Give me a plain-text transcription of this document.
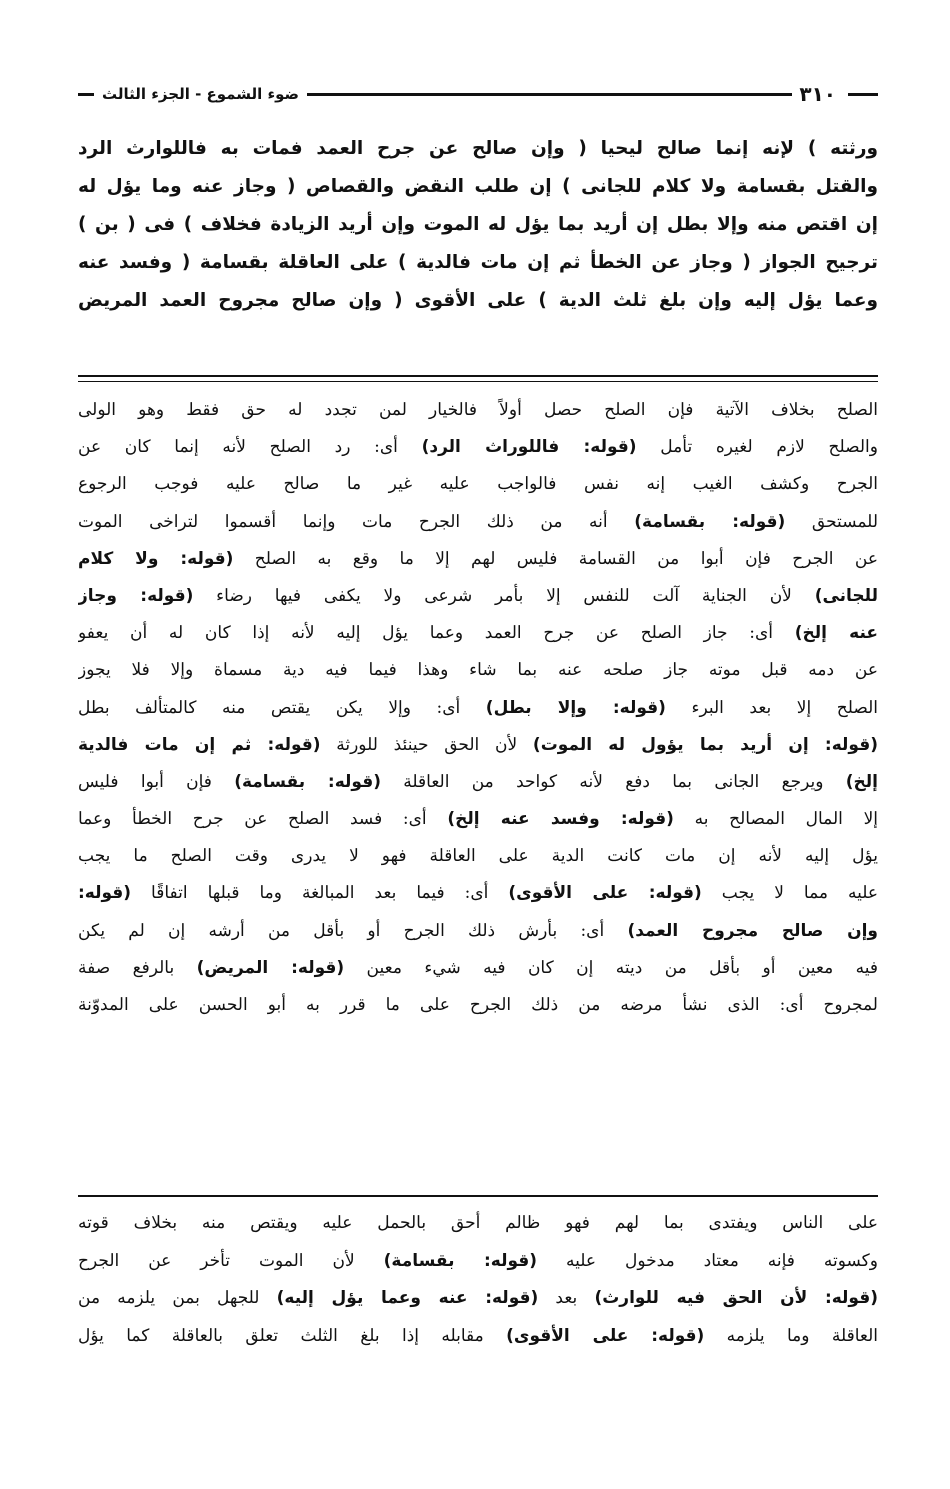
٣١٠
ضوء الشموع - الجزء الثالث

ورثته ) لإنه إنما صالح ليحيا ( وإن صالح عن جرح العمد فمات به فاللوارث الرد

والقتل بقسامة ولا كلام للجانى ) إن طلب النقض والقصاص ( وجاز عنه وما يؤل له

إن اقتص منه وإلا بطل إن أريد بما يؤل له الموت وإن أريد الزيادة فخلاف ) فى ( بن )

ترجيح الجواز ( وجاز عن الخطأ ثم إن مات فالدية ) على العاقلة بقسامة ( وفسد عنه

وعما يؤل إليه وإن بلغ ثلث الدية ) على الأقوى ( وإن صالح مجروح العمد المريض

الصلح بخلاف الآتية فإن الصلح حصل أولاً فالخيار لمن تجدد له حق فقط وهو الولى

والصلح لازم لغيره تأمل (قوله: فاللوراث الرد) أى: رد الصلح لأنه إنما كان عن

الجرح وكشف الغيب إنه نفس فالواجب عليه غير ما صالح عليه فوجب الرجوع

للمستحق (قوله: بقسامة) أنه من ذلك الجرح مات وإنما أقسموا لتراخى الموت

عن الجرح فإن أبوا من القسامة فليس لهم إلا ما وقع به الصلح (قوله: ولا كلام

للجانى) لأن الجناية آلت للنفس إلا بأمر شرعى ولا يكفى فيها رضاء (قوله: وجاز

عنه إلخ) أى: جاز الصلح عن جرح العمد وعما يؤل إليه لأنه إذا كان له أن يعفو

عن دمه قبل موته جاز صلحه عنه بما شاء وهذا فيما فيه دية مسماة وإلا فلا يجوز

الصلح إلا بعد البرء (قوله: وإلا بطل) أى: وإلا يكن يقتص منه كالمتألف بطل

(قوله: إن أريد بما يؤول له الموت) لأن الحق حينئذ للورثة (قوله: ثم إن مات فالدية

إلخ) ويرجع الجانى بما دفع لأنه كواحد من العاقلة (قوله: بقسامة) فإن أبوا فليس

إلا المال المصالح به (قوله: وفسد عنه إلخ) أى: فسد الصلح عن جرح الخطأ وعما

يؤل إليه لأنه إن مات كانت الدية على العاقلة فهو لا يدرى وقت الصلح ما يجب

عليه مما لا يجب (قوله: على الأقوى) أى: فيما بعد المبالغة وما قبلها اتفاقًا (قوله:

وإن صالح مجروح العمد) أى: بأرش ذلك الجرح أو بأقل من أرشه إن لم يكن

فيه معين أو بأقل من ديته إن كان فيه شيء معين (قوله: المريض) بالرفع صفة

لمجروح أى: الذى نشأ مرضه من ذلك الجرح على ما قرر به أبو الحسن على المدوّنة

على الناس ويفتدى بما لهم فهو ظالم أحق بالحمل عليه ويقتص منه بخلاف قوته

وكسوته فإنه معتاد مدخول عليه (قوله: بقسامة) لأن الموت تأخر عن الجرح

(قوله: لأن الحق فيه للوارث) بعد (قوله: عنه وعما يؤل إليه) للجهل بمن يلزمه من

العاقلة وما يلزمه (قوله: على الأقوى) مقابله إذا بلغ الثلث تعلق بالعاقلة كما يؤل
